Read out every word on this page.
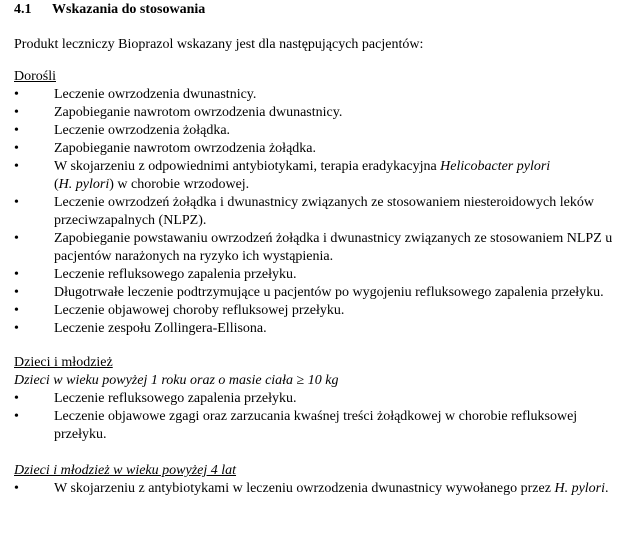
4.1 Wskazania do stosowania
Produkt leczniczy Bioprazol wskazany jest dla następujących pacjentów:
Dorośli
•	Leczenie owrzodzenia dwunastnicy.
•	Zapobieganie nawrotom owrzodzenia dwunastnicy.
•	Leczenie owrzodzenia żołądka.
•	Zapobieganie nawrotom owrzodzenia żołądka.
•	W skojarzeniu z odpowiednimi antybiotykami, terapia eradykacyjna Helicobacter pylori
(H. pylori) w chorobie wrzodowej.
•	Leczenie owrzodzeń żołądka i dwunastnicy związanych ze stosowaniem niesteroidowych leków przeciwzapalnych (NLPZ).
•	Zapobieganie powstawaniu owrzodzeń żołądka i dwunastnicy związanych ze stosowaniem NLPZ u pacjentów narażonych na ryzyko ich wystąpienia.
•	Leczenie refluksowego zapalenia przełyku.
•	Długotrwałe leczenie podtrzymujące u pacjentów po wygojeniu refluksowego zapalenia przełyku.
•	Leczenie objawowej choroby refluksowej przełyku.
•	Leczenie zespołu Zollingera-Ellisona.
Dzieci i młodzież
Dzieci w wieku powyżej 1 roku oraz o masie ciała ≥ 10 kg
•	Leczenie refluksowego zapalenia przełyku.
•	Leczenie objawowe zgagi oraz zarzucania kwaśnej treści żołądkowej w chorobie refluksowej przełyku.
Dzieci i młodzież w wieku powyżej 4 lat
•	W skojarzeniu z antybiotykami w leczeniu owrzodzenia dwunastnicy wywołanego przez H. pylori.
